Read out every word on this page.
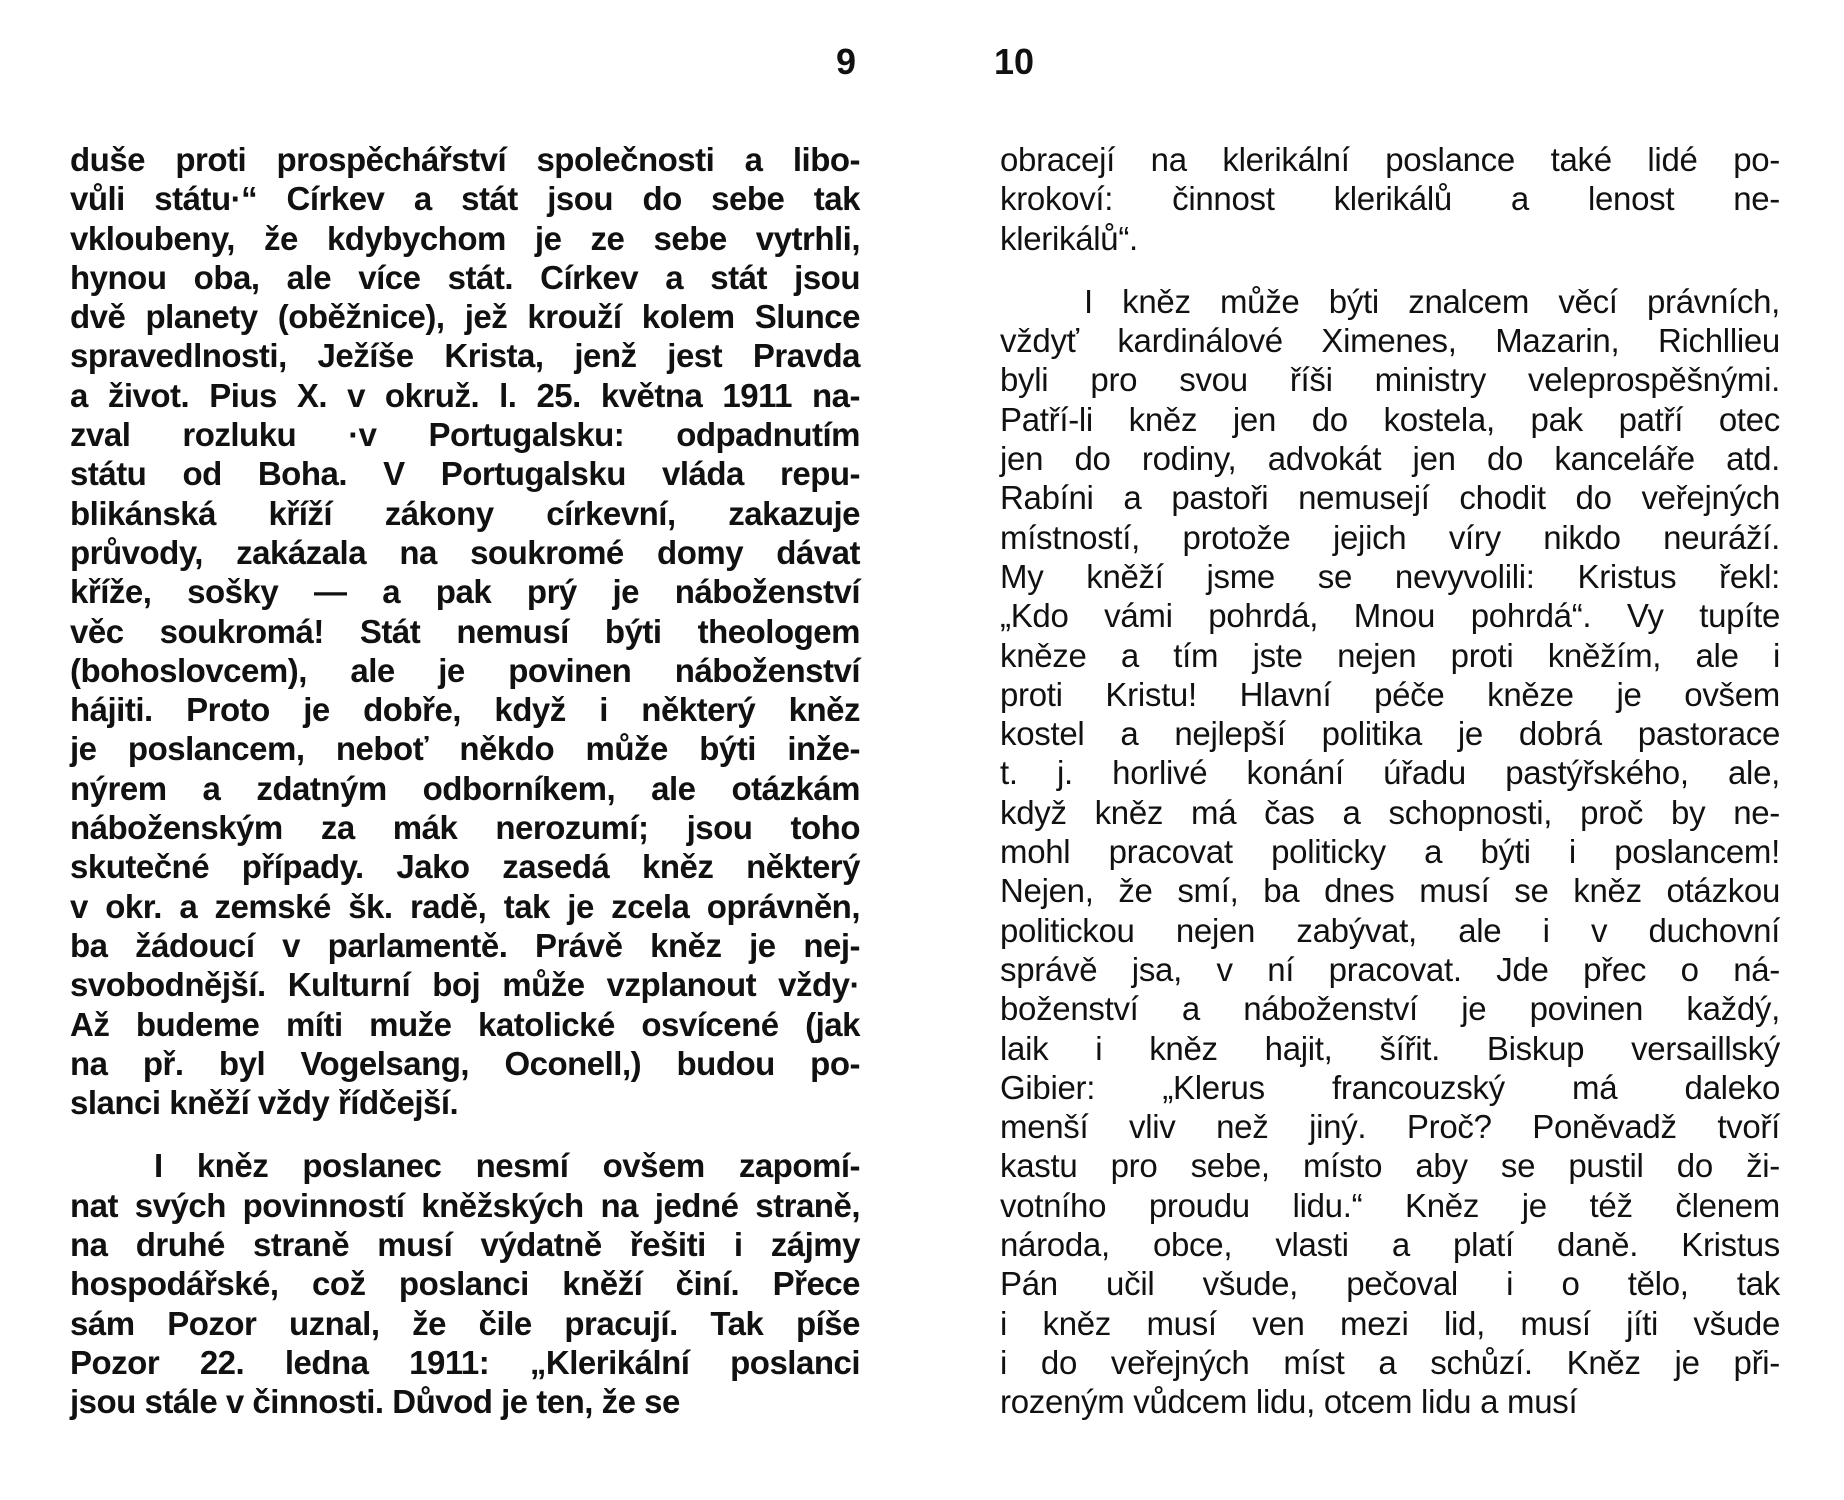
9	10

duše proti prospěchářství společnosti a libo-
vůli státu·“ Církev a stát jsou do sebe tak
vkloubeny, že kdybychom je ze sebe vytrhli,
hynou oba, ale více stát. Církev a stát jsou
dvě planety (oběžnice), jež krouží kolem Slunce
spravedlnosti, Ježíše Krista, jenž jest Pravda
a život. Pius X. v okruž. l. 25. května 1911 na-
zval rozluku ·v Portugalsku: odpadnutím
státu od Boha. V Portugalsku vláda repu-
blikánská kříží zákony církevní, zakazuje
průvody, zakázala na soukromé domy dávat
kříže, sošky — a pak prý je náboženství
věc soukromá! Stát nemusí býti theologem
(bohoslovcem), ale je povinen náboženství
hájiti. Proto je dobře, když i některý kněz
je poslancem, neboť někdo může býti inže-
nýrem a zdatným odborníkem, ale otázkám
náboženským za mák nerozumí; jsou toho
skutečné případy. Jako zasedá kněz některý
v okr. a zemské šk. radě, tak je zcela oprávněn,
ba žádoucí v parlamentě. Právě kněz je nej-
svobodnější. Kulturní boj může vzplanout vždy·
Až budeme míti muže katolické osvícené (jak
na př. byl Vogelsang, Oconell,) budou po-
slanci kněží vždy řídčejší.

I kněz poslanec nesmí ovšem zapomí-
nat svých povinností kněžských na jedné straně,
na druhé straně musí výdatně řešiti i zájmy
hospodářské, což poslanci kněží činí. Přece
sám Pozor uznal, že čile pracují. Tak píše
Pozor 22. ledna 1911: „Klerikální poslanci
jsou stále v činnosti. Důvod je ten, že se

obracejí na klerikální poslance také lidé po-
krokoví: činnost klerikálů a lenost ne-
klerikálů“.

I kněz může býti znalcem věcí právních,
vždyť kardinálové Ximenes, Mazarin, Richllieu
byli pro svou říši ministry veleprospěšnými.
Patří-li kněz jen do kostela, pak patří otec
jen do rodiny, advokát jen do kanceláře atd.
Rabíni a pastoři nemusejí chodit do veřejných
místností, protože jejich víry nikdo neuráží.
My kněží jsme se nevyvolili: Kristus řekl:
„Kdo vámi pohrdá, Mnou pohrdá“. Vy tupíte
kněze a tím jste nejen proti kněžím, ale i
proti Kristu! Hlavní péče kněze je ovšem
kostel a nejlepší politika je dobrá pastorace
t. j. horlivé konání úřadu pastýřského, ale,
když kněz má čas a schopnosti, proč by ne-
mohl pracovat politicky a býti i poslancem!
Nejen, že smí, ba dnes musí se kněz otázkou
politickou nejen zabývat, ale i v duchovní
správě jsa, v ní pracovat. Jde přec o ná-
boženství a náboženství je povinen každý,
laik i kněz hajit, šířit. Biskup versaillský
Gibier: „Klerus francouzský má daleko
menší vliv než jiný. Proč? Poněvadž tvoří
kastu pro sebe, místo aby se pustil do ži-
votního proudu lidu.“ Kněz je též členem
národa, obce, vlasti a platí daně. Kristus
Pán učil všude, pečoval i o tělo, tak
i kněz musí ven mezi lid, musí jíti všude
i do veřejných míst a schůzí. Kněz je při-
rozeným vůdcem lidu, otcem lidu a musí
